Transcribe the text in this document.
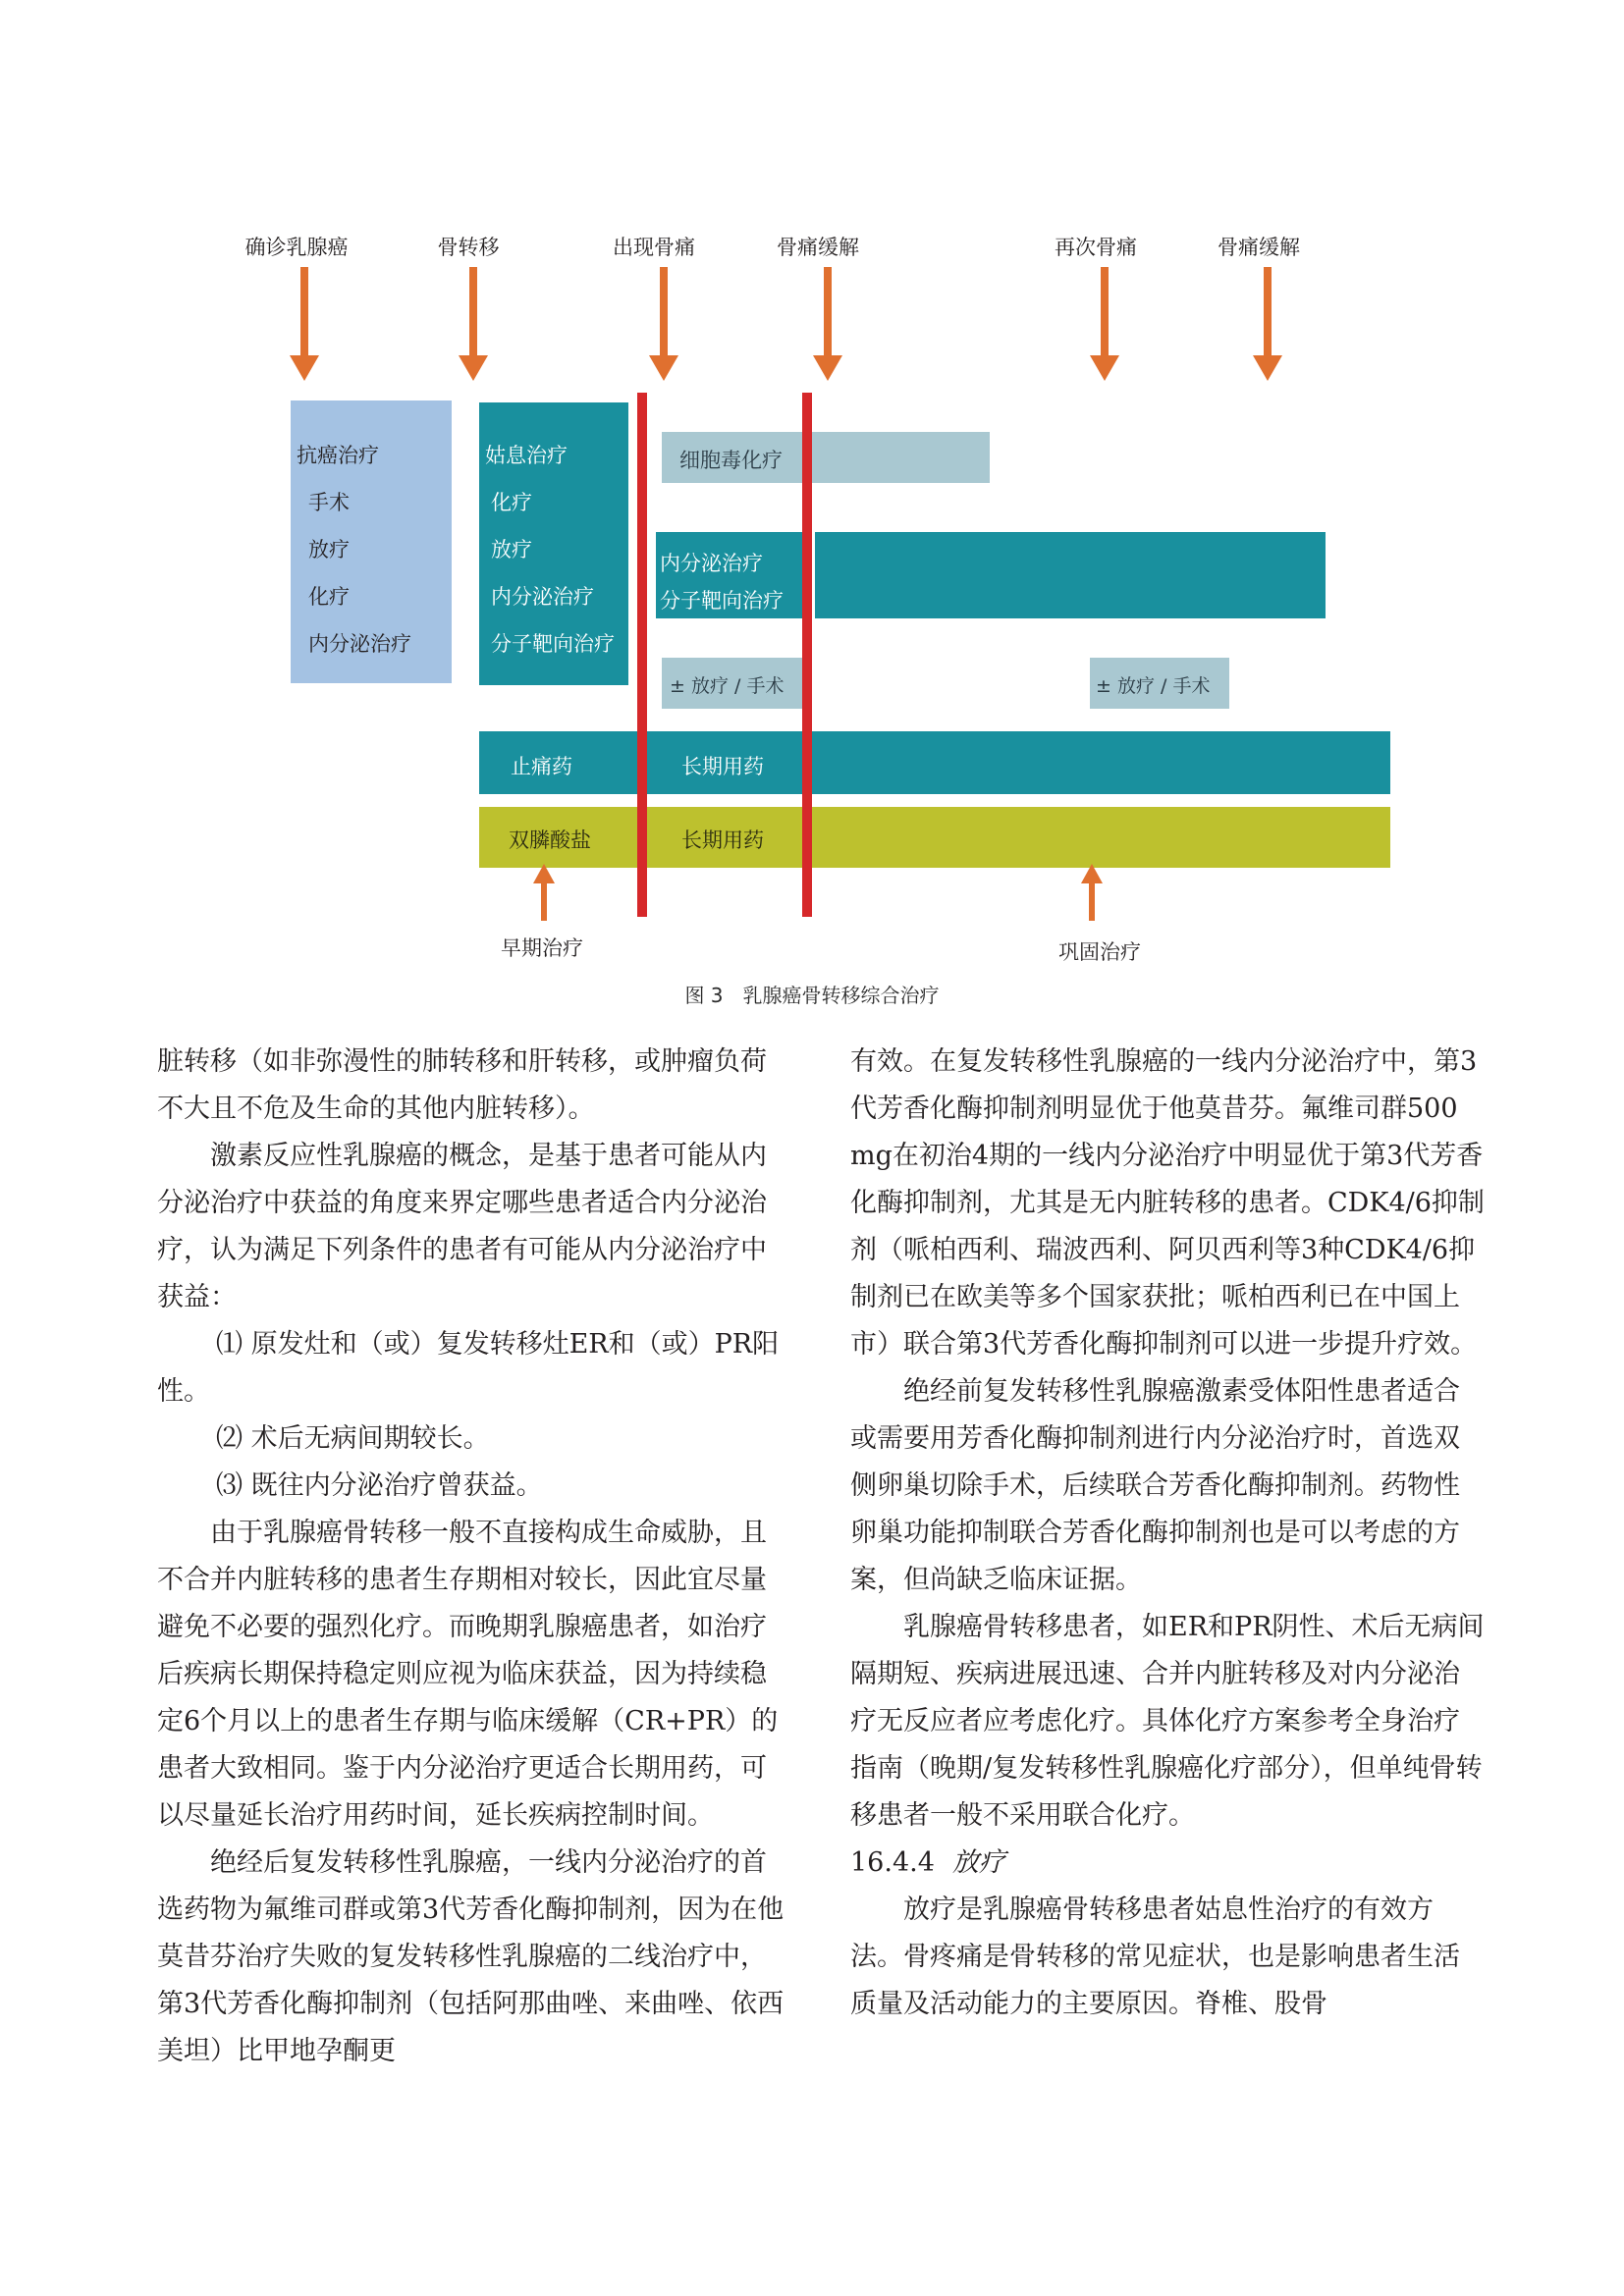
确诊乳腺癌	骨转移	出现骨痛	骨痛缓解	再次骨痛	骨痛缓解
抗癌治疗
手术
放疗
化疗
内分泌治疗
姑息治疗
化疗
放疗
内分泌治疗
分子靶向治疗
细胞毒化疗
内分泌治疗
分子靶向治疗
± 放疗 / 手术	± 放疗 / 手术
止痛药	长期用药
双膦酸盐	长期用药
早期治疗	巩固治疗
图 3　乳腺癌骨转移综合治疗

脏转移（如非弥漫性的肺转移和肝转移，或肿瘤负荷不大且不危及生命的其他内脏转移）。

激素反应性乳腺癌的概念，是基于患者可能从内分泌治疗中获益的角度来界定哪些患者适合内分泌治疗，认为满足下列条件的患者有可能从内分泌治疗中获益：

⑴ 原发灶和（或）复发转移灶ER和（或）PR阳性。

⑵ 术后无病间期较长。

⑶ 既往内分泌治疗曾获益。

由于乳腺癌骨转移一般不直接构成生命威胁，且不合并内脏转移的患者生存期相对较长，因此宜尽量避免不必要的强烈化疗。而晚期乳腺癌患者，如治疗后疾病长期保持稳定则应视为临床获益，因为持续稳定6个月以上的患者生存期与临床缓解（CR+PR）的患者大致相同。鉴于内分泌治疗更适合长期用药，可以尽量延长治疗用药时间，延长疾病控制时间。

绝经后复发转移性乳腺癌，一线内分泌治疗的首选药物为氟维司群或第3代芳香化酶抑制剂，因为在他莫昔芬治疗失败的复发转移性乳腺癌的二线治疗中，第3代芳香化酶抑制剂（包括阿那曲唑、来曲唑、依西美坦）比甲地孕酮更

有效。在复发转移性乳腺癌的一线内分泌治疗中，第3代芳香化酶抑制剂明显优于他莫昔芬。氟维司群500 mg在初治4期的一线内分泌治疗中明显优于第3代芳香化酶抑制剂，尤其是无内脏转移的患者。CDK4/6抑制剂（哌柏西利、瑞波西利、阿贝西利等3种CDK4/6抑制剂已在欧美等多个国家获批；哌柏西利已在中国上市）联合第3代芳香化酶抑制剂可以进一步提升疗效。

绝经前复发转移性乳腺癌激素受体阳性患者适合或需要用芳香化酶抑制剂进行内分泌治疗时，首选双侧卵巢切除手术，后续联合芳香化酶抑制剂。药物性卵巢功能抑制联合芳香化酶抑制剂也是可以考虑的方案，但尚缺乏临床证据。

乳腺癌骨转移患者，如ER和PR阴性、术后无病间隔期短、疾病进展迅速、合并内脏转移及对内分泌治疗无反应者应考虑化疗。具体化疗方案参考全身治疗指南（晚期/复发转移性乳腺癌化疗部分），但单纯骨转移患者一般不采用联合化疗。

16.4.4 放疗

放疗是乳腺癌骨转移患者姑息性治疗的有效方法。骨疼痛是骨转移的常见症状，也是影响患者生活质量及活动能力的主要原因。脊椎、股骨
